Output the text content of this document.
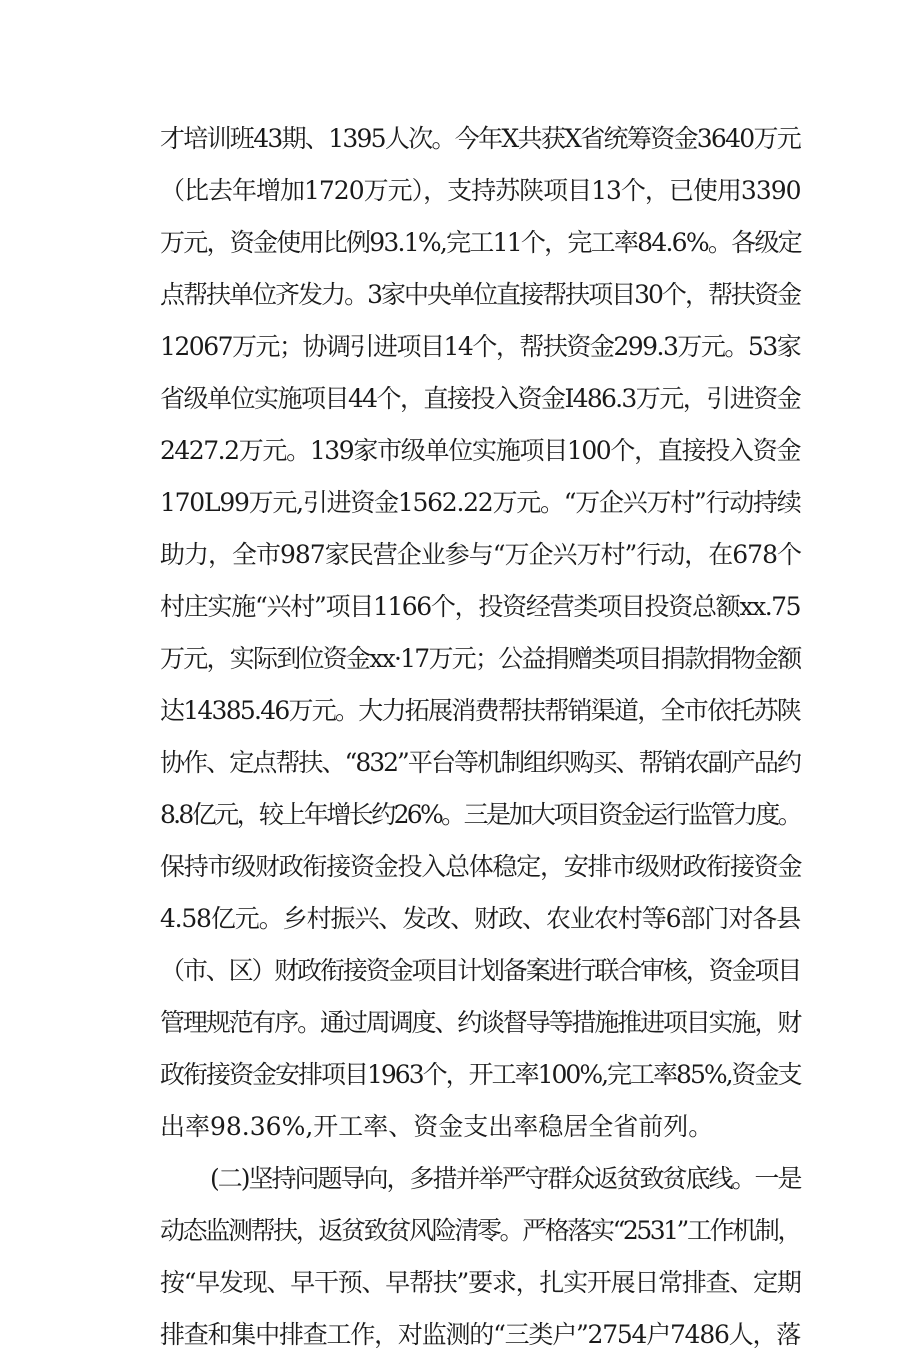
才培训班43期、1395人次。今年X共获X省统筹资金3640万元
（比去年增加1720万元），支持苏陕项目13个，已使用3390
万元，资金使用比例93.1%,完工11个，完工率84.6%。各级定
点帮扶单位齐发力。3家中央单位直接帮扶项目30个，帮扶资金
12067万元；协调引进项目14个，帮扶资金299.3万元。53家
省级单位实施项目44个，直接投入资金I486.3万元，引进资金
2427.2万元。139家市级单位实施项目100个，直接投入资金
170L99万元,引进资金1562.22万元。“万企兴万村”行动持续
助力，全市987家民营企业参与“万企兴万村”行动，在678个
村庄实施“兴村”项目1166个，投资经营类项目投资总额xx.75
万元，实际到位资金xx·17万元；公益捐赠类项目捐款捐物金额
达14385.46万元。大力拓展消费帮扶帮销渠道，全市依托苏陕
协作、定点帮扶、“832”平台等机制组织购买、帮销农副产品约
8.8亿元，较上年增长约26%。三是加大项目资金运行监管力度。
保持市级财政衔接资金投入总体稳定，安排市级财政衔接资金
4.58亿元。乡村振兴、发改、财政、农业农村等6部门对各县
（市、区）财政衔接资金项目计划备案进行联合审核，资金项目
管理规范有序。通过周调度、约谈督导等措施推进项目实施，财
政衔接资金安排项目1963个，开工率100%,完工率85%,资金支
出率98.36%,开工率、资金支出率稳居全省前列。
(二)坚持问题导向，多措并举严守群众返贫致贫底线。一是
动态监测帮扶，返贫致贫风险清零。严格落实“2531”工作机制，
按“早发现、早干预、早帮扶”要求，扎实开展日常排查、定期
排查和集中排查工作，对监测的“三类户”2754户7486人，落
